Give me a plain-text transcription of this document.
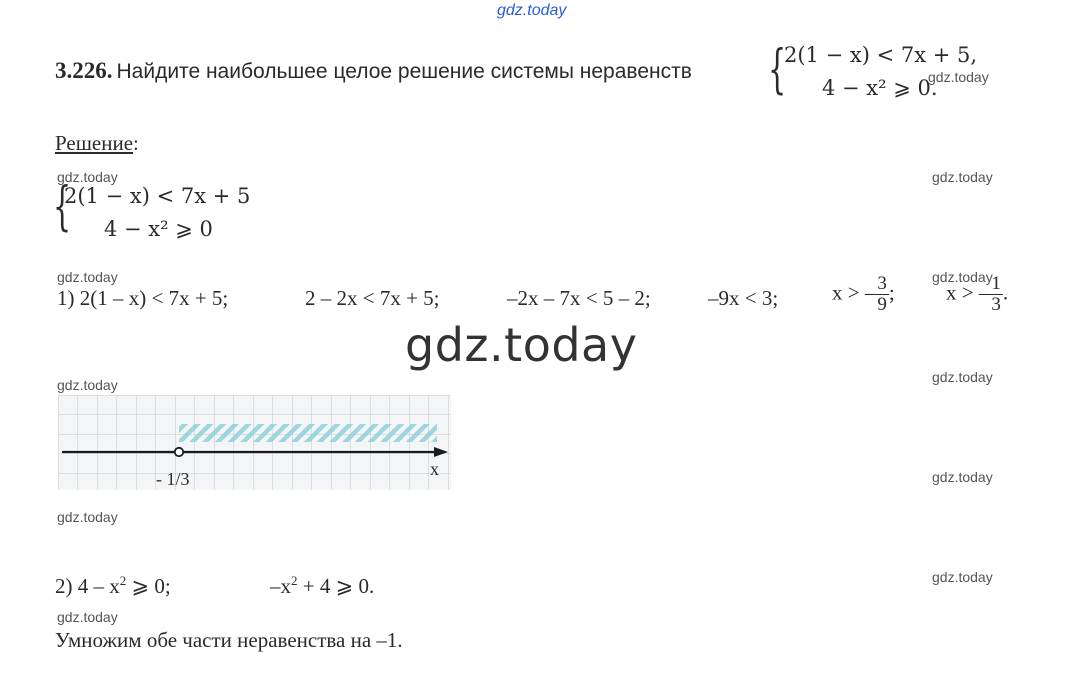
gdz.today
gdz.today
gdz.today	gdz.today
gdz.today	gdz.today
gdz.today
gdz.today	gdz.today
gdz.today
gdz.today
gdz.today
gdz.today
3.226. Найдите наибольшее целое решение системы неравенств {
2(1 − x) < 7x + 5,
4 − x² ⩾ 0.
Решение:
{
2(1 − x) < 7x + 5
4 − x² ⩾ 0
1) 2(1 – x) < 7x + 5;	2 – 2x < 7x + 5;	–2x – 7x < 5 – 2;	–9x < 3;	x > – $\frac{3}{9}$ ; x > – $\frac{1}{3}$ .
- 1/3	x
2) $4 - x^2$ ⩾ 0;	$-x^2 + 4$ ⩾ 0.
Умножим обе части неравенства на –1.
